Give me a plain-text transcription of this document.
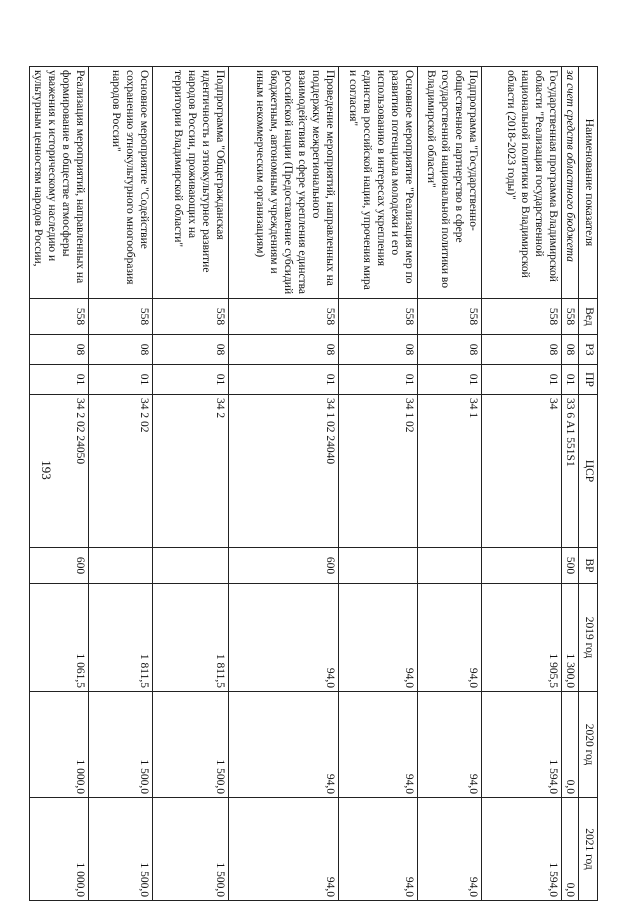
193
Наименование показателя	Вед	РЗ	ПР	ЦСР	ВР	2019 год	2020 год	2021 год
за счет средств областного бюджета	558	08	01	33 6 A1 551S1	500	1 300,0	0,0	0,0
Государственная программа Владимирской области "Реализация государственной национальной политики во Владимирской области (2018-2023 годы)"	558	08	01	34		1 905,5	1 594,0	1 594,0
Подпрограмма "Государственно-общественное партнерство в сфере государственной национальной политики во Владимирской области"	558	08	01	34 1		94,0	94,0	94,0
Основное мероприятие "Реализация мер по развитию потенциала молодежи и его использованию в интересах укрепления единства российской нации, упрочения мира и согласия"	558	08	01	34 1 02		94,0	94,0	94,0
Проведение мероприятий, направленных на поддержку межрегионального взаимодействия в сфере укрепления единства российской нации (Предоставление субсидий бюджетным, автономным учреждениям и иным некоммерческим организациям)	558	08	01	34 1 02 24040	600	94,0	94,0	94,0
Подпрограмма "Общегражданская идентичность и этнокультурное развитие народов России, проживающих на территории Владимирской области"	558	08	01	34 2		1 811,5	1 500,0	1 500,0
Основное мероприятие "Содействие сохранению этнокультурного многообразия народов России"	558	08	01	34 2 02		1 811,5	1 500,0	1 500,0
Реализация мероприятий, направленных на формирование в обществе атмосферы уважения к историческому наследию и культурным ценностям народов России,	558	08	01	34 2 02 24050	600	1 061,5	1 000,0	1 000,0
